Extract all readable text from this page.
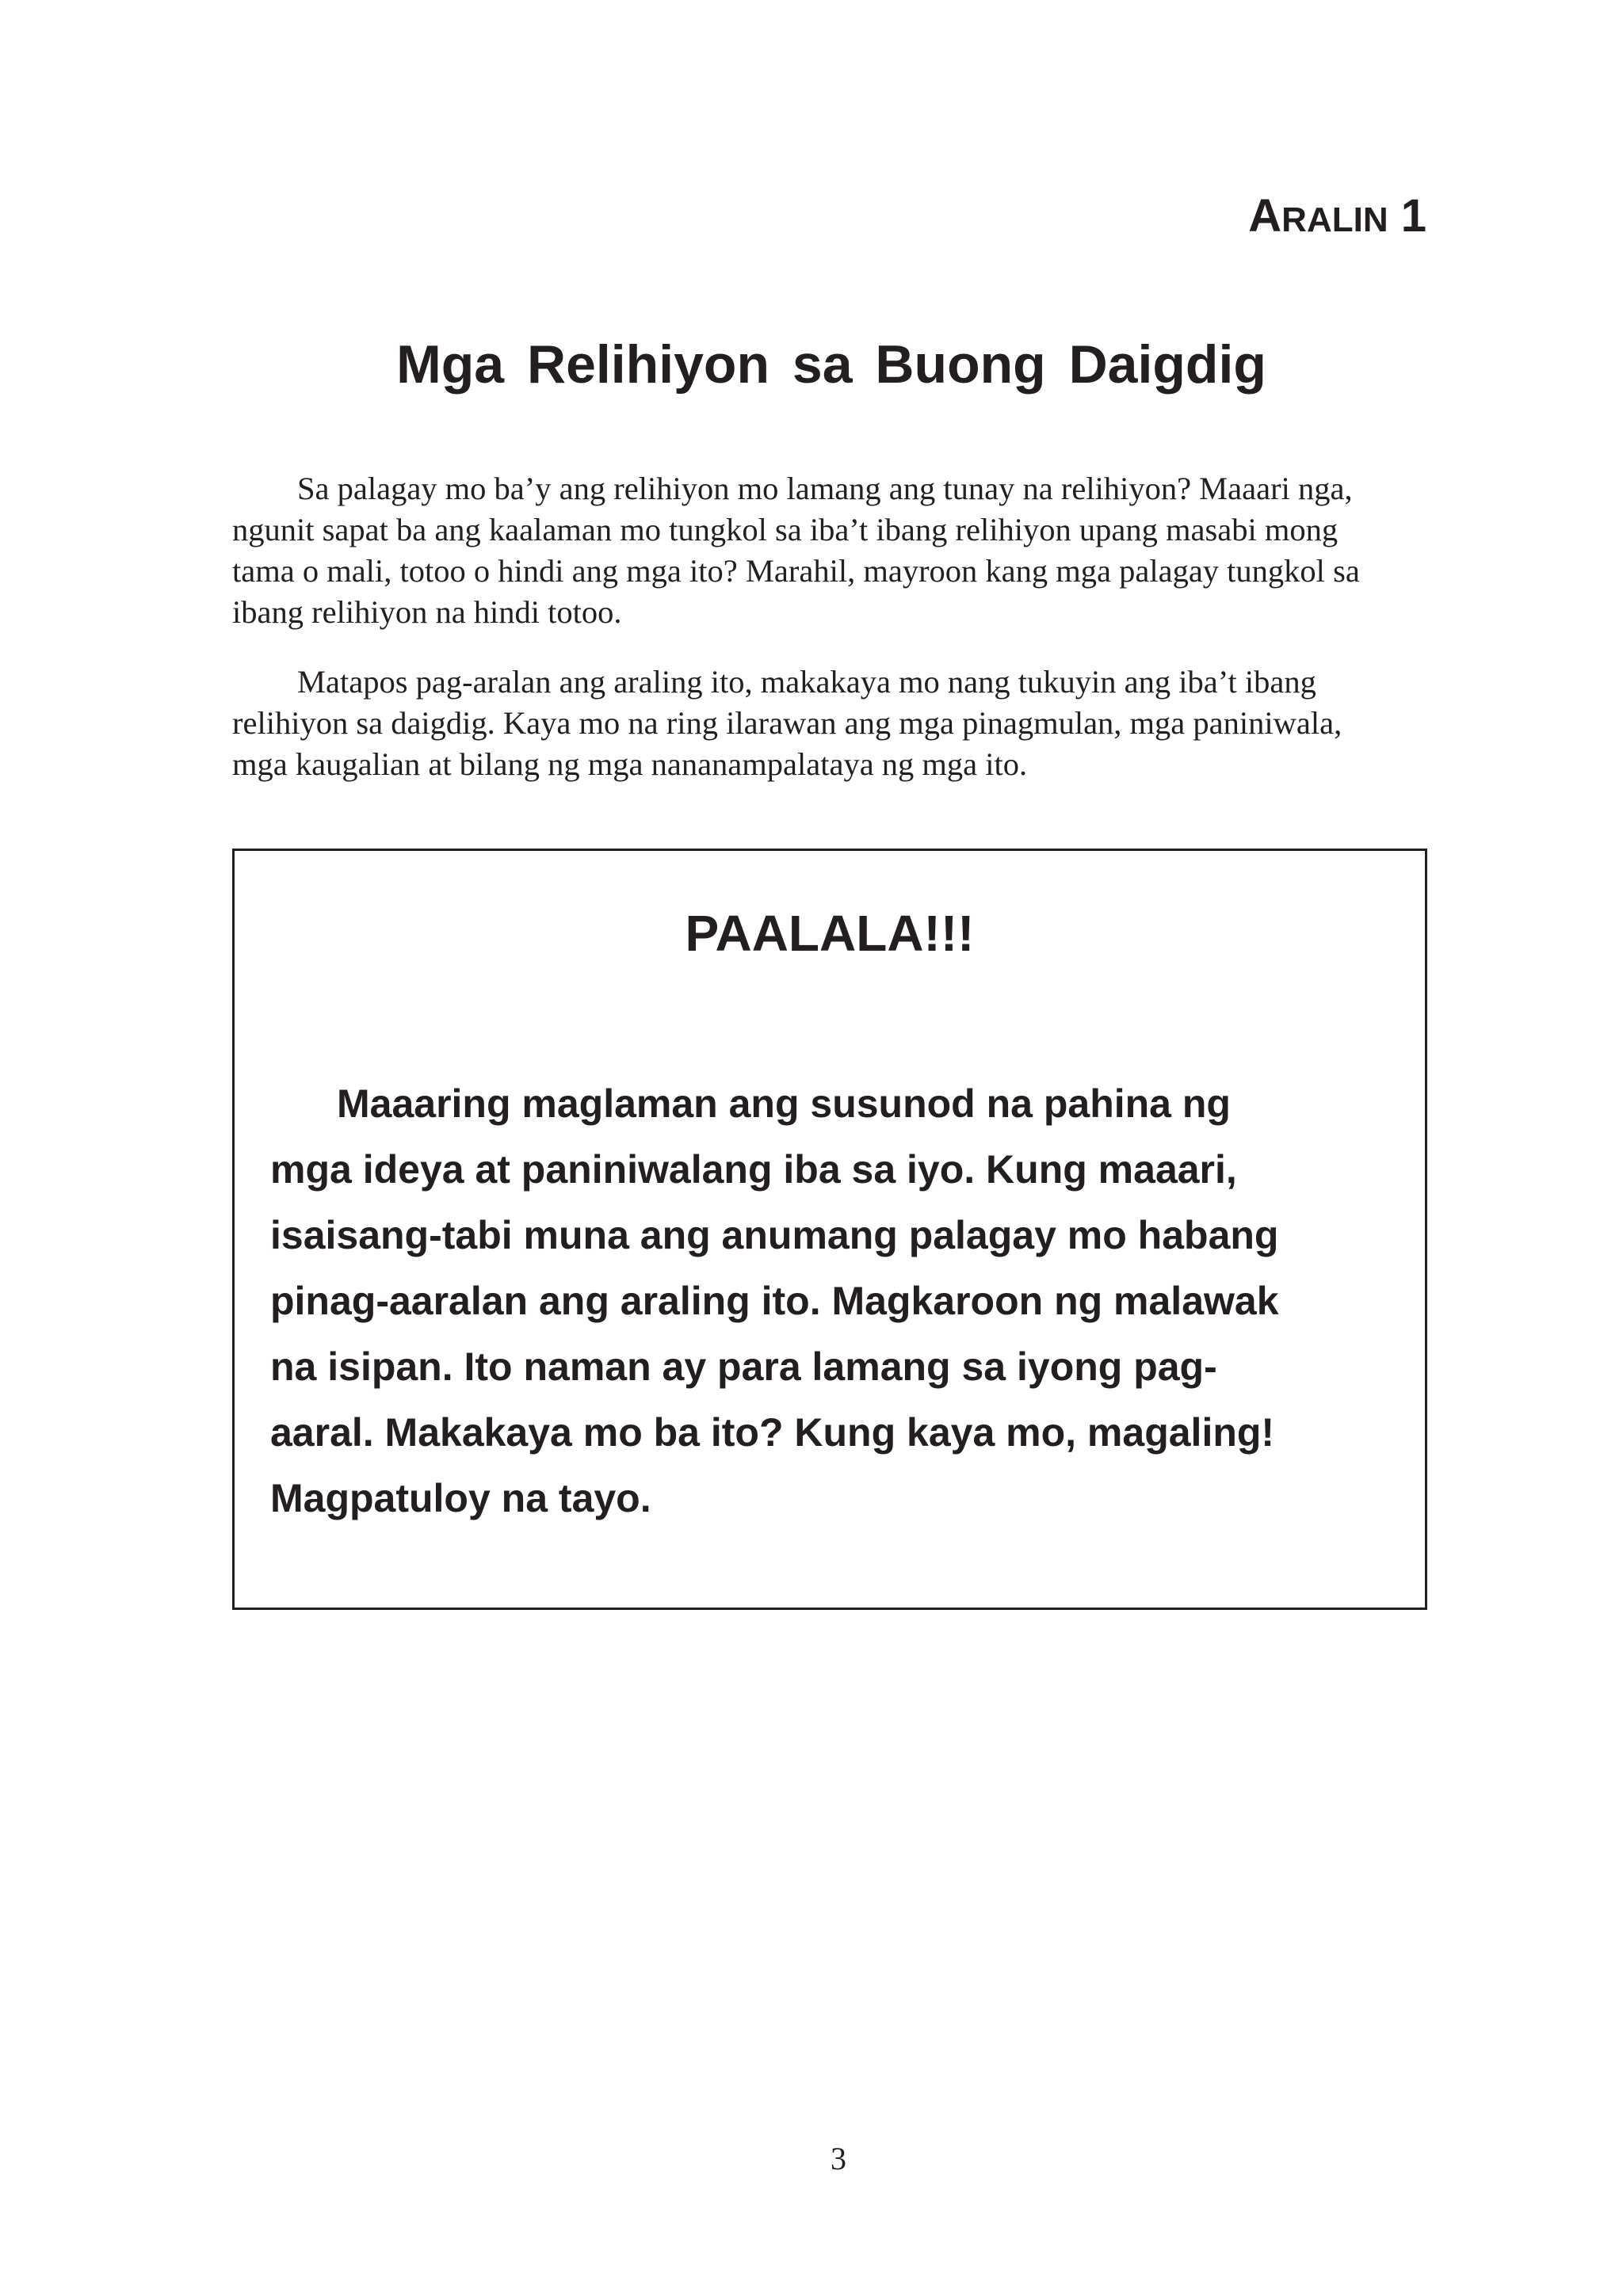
ARALIN 1
Mga Relihiyon sa Buong Daigdig

Sa palagay mo ba’y ang relihiyon mo lamang ang tunay na relihiyon? Maaari nga,
ngunit sapat ba ang kaalaman mo tungkol sa iba’t ibang relihiyon upang masabi mong
tama o mali, totoo o hindi ang mga ito? Marahil, mayroon kang mga palagay tungkol sa
ibang relihiyon na hindi totoo.

Matapos pag-aralan ang araling ito, makakaya mo nang tukuyin ang iba’t ibang
relihiyon sa daigdig. Kaya mo na ring ilarawan ang mga pinagmulan, mga paniniwala,
mga kaugalian at bilang ng mga nananampalataya ng mga ito.

PAALALA!!!
Maaaring maglaman ang susunod na pahina ng
mga ideya at paniniwalang iba sa iyo. Kung maaari,
isaisang-tabi muna ang anumang palagay mo habang
pinag-aaralan ang araling ito. Magkaroon ng malawak
na isipan. Ito naman ay para lamang sa iyong pag-
aaral. Makakaya mo ba ito? Kung kaya mo, magaling!
Magpatuloy na tayo.
3
